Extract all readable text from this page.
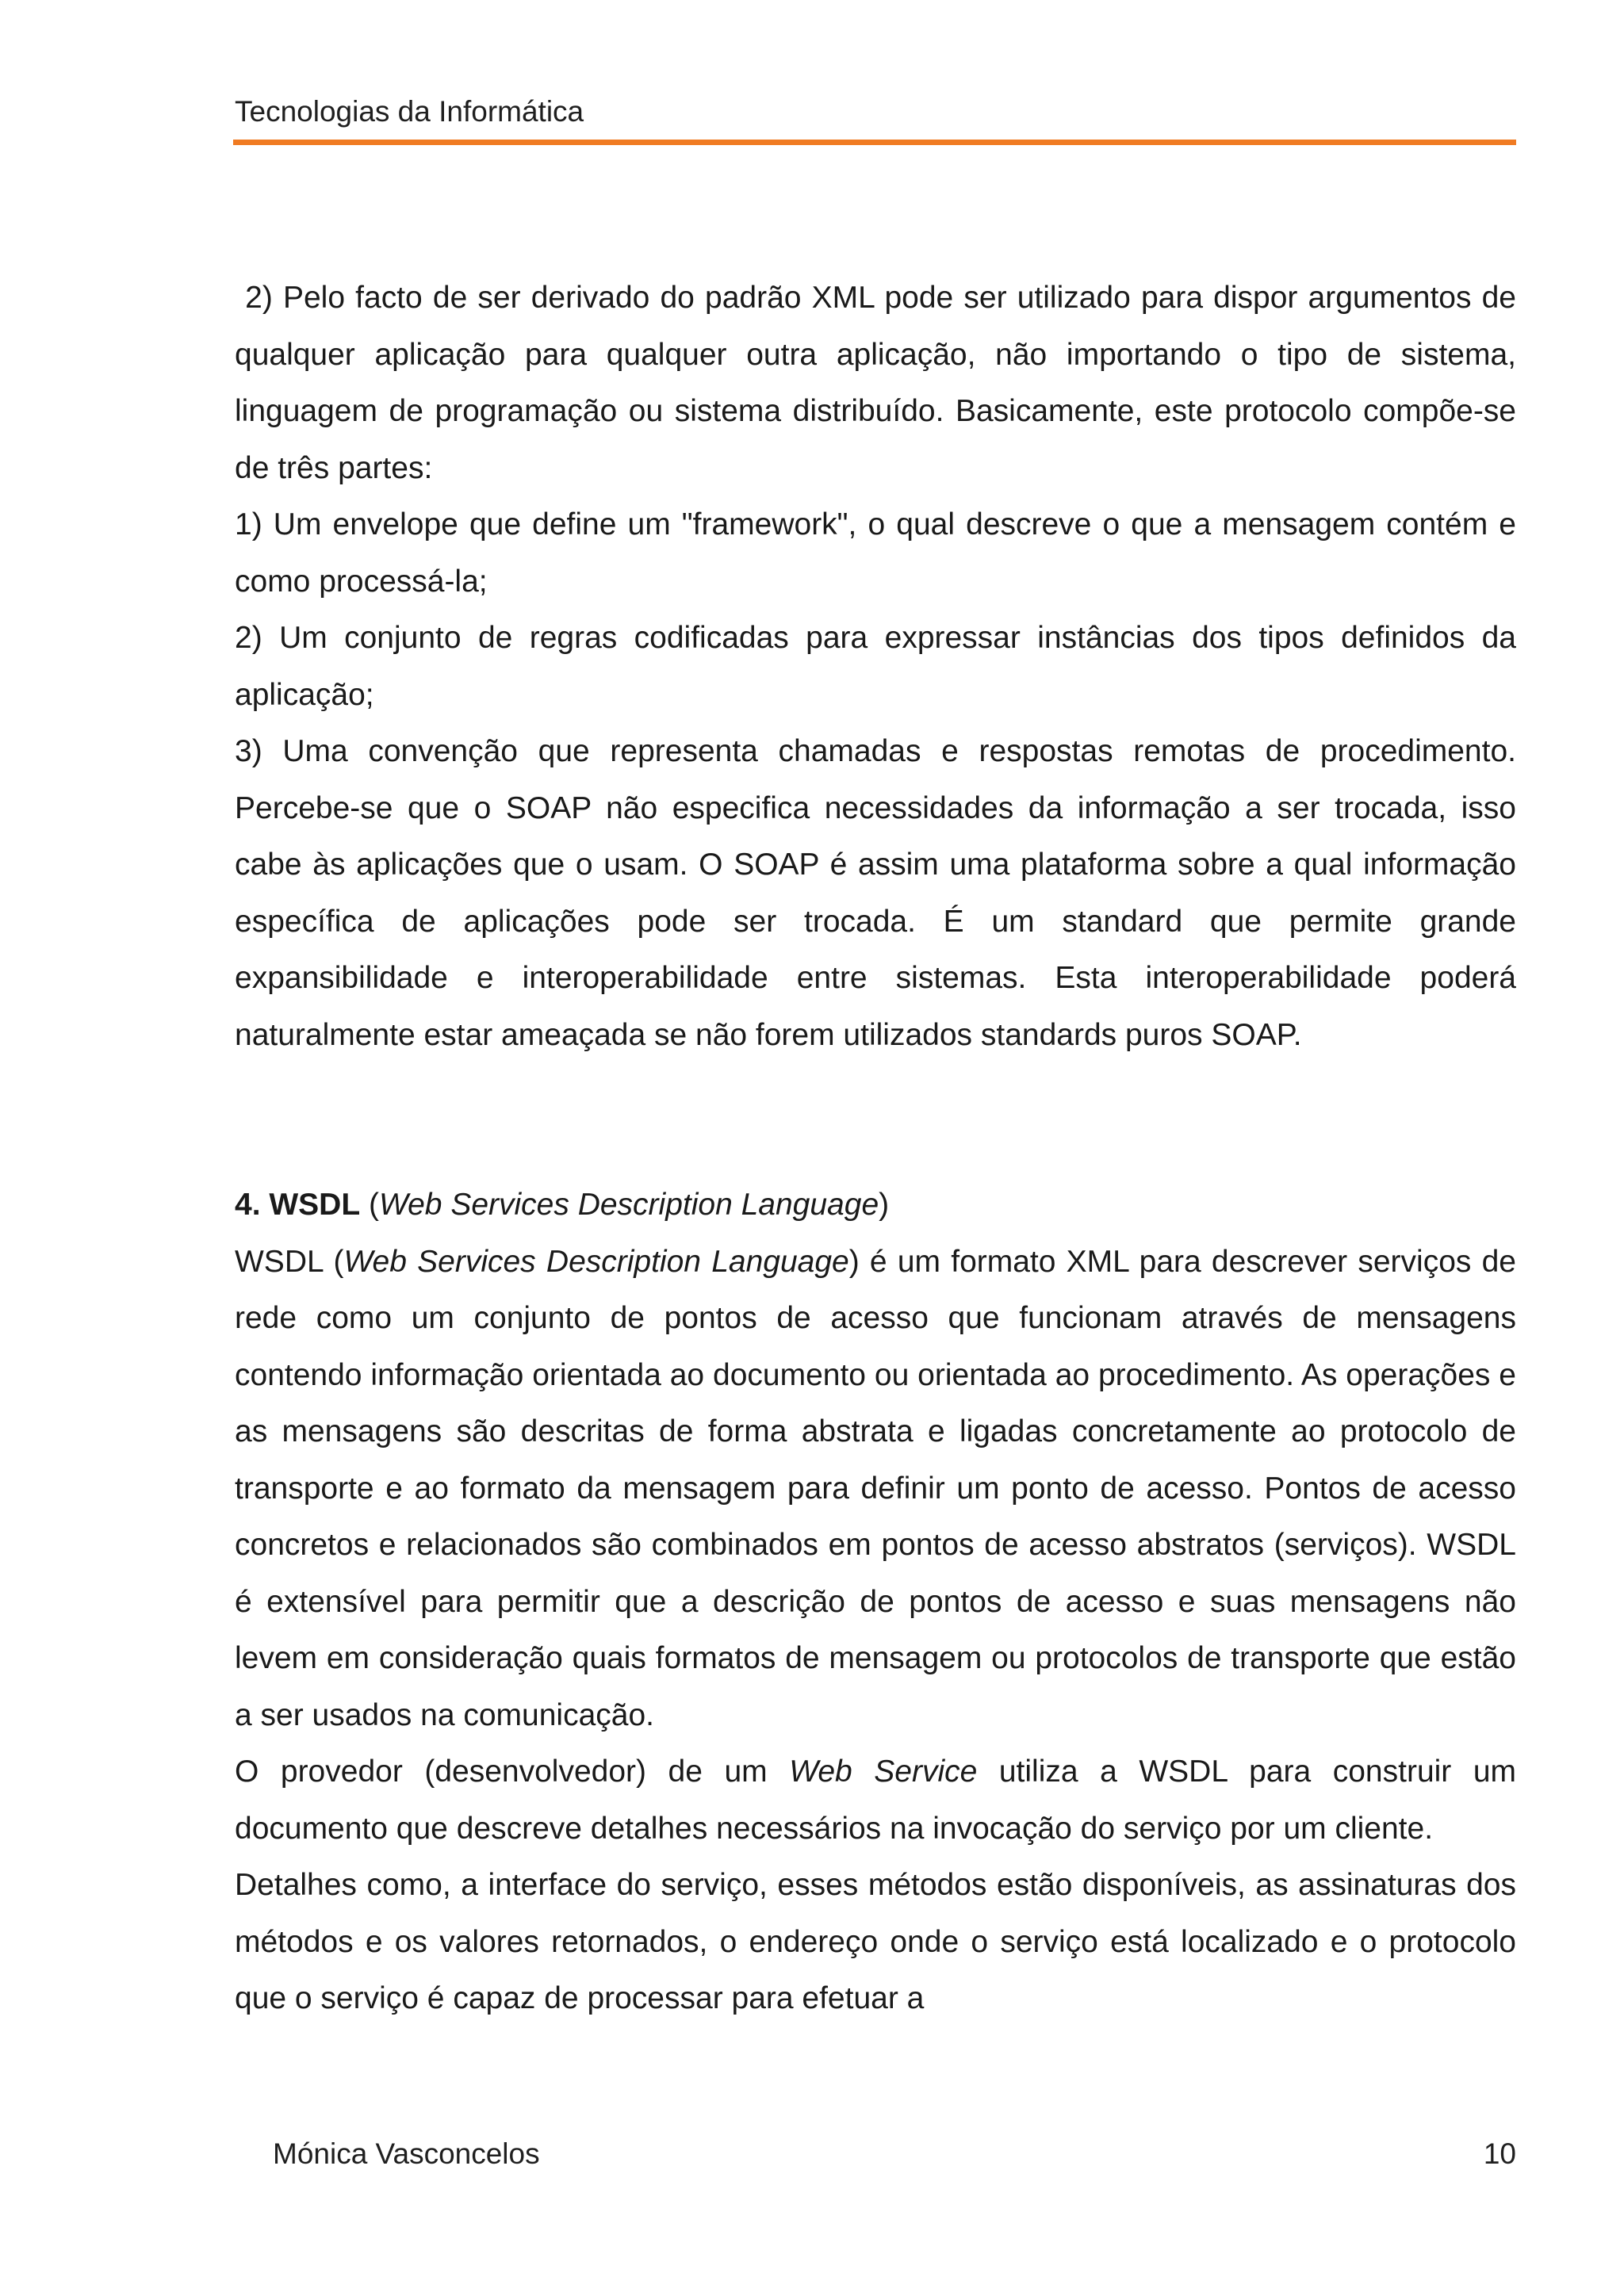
Tecnologias da Informática

2) Pelo facto de ser derivado do padrão XML pode ser utilizado para dispor argumentos de qualquer aplicação para qualquer outra aplicação, não importando o tipo de sistema, linguagem de programação ou sistema distribuído. Basicamente, este protocolo compõe-se de três partes:

1) Um envelope que define um "framework", o qual descreve o que a mensagem contém e como processá-la;

2) Um conjunto de regras codificadas para expressar instâncias dos tipos definidos da aplicação;

3) Uma convenção que representa chamadas e respostas remotas de procedimento. Percebe-se que o SOAP não especifica necessidades da informação a ser trocada, isso cabe às aplicações que o usam. O SOAP é assim uma plataforma sobre a qual informação específica de aplicações pode ser trocada. É um standard que permite grande expansibilidade e interoperabilidade entre sistemas. Esta interoperabilidade poderá naturalmente estar ameaçada se não forem utilizados standards puros SOAP.

4. WSDL (Web Services Description Language)

WSDL (Web Services Description Language) é um formato XML para descrever serviços de rede como um conjunto de pontos de acesso que funcionam através de mensagens contendo informação orientada ao documento ou orientada ao procedimento. As operações e as mensagens são descritas de forma abstrata e ligadas concretamente ao protocolo de transporte e ao formato da mensagem para definir um ponto de acesso. Pontos de acesso concretos e relacionados são combinados em pontos de acesso abstratos (serviços). WSDL é extensível para permitir que a descrição de pontos de acesso e suas mensagens não levem em consideração quais formatos de mensagem ou protocolos de transporte que estão a ser usados na comunicação.

O provedor (desenvolvedor) de um Web Service utiliza a WSDL para construir um documento que descreve detalhes necessários na invocação do serviço por um cliente.

Detalhes como, a interface do serviço, esses métodos estão disponíveis, as assinaturas dos métodos e os valores retornados, o endereço onde o serviço está localizado e o protocolo que o serviço é capaz de processar para efetuar a

Mónica Vasconcelos	10
